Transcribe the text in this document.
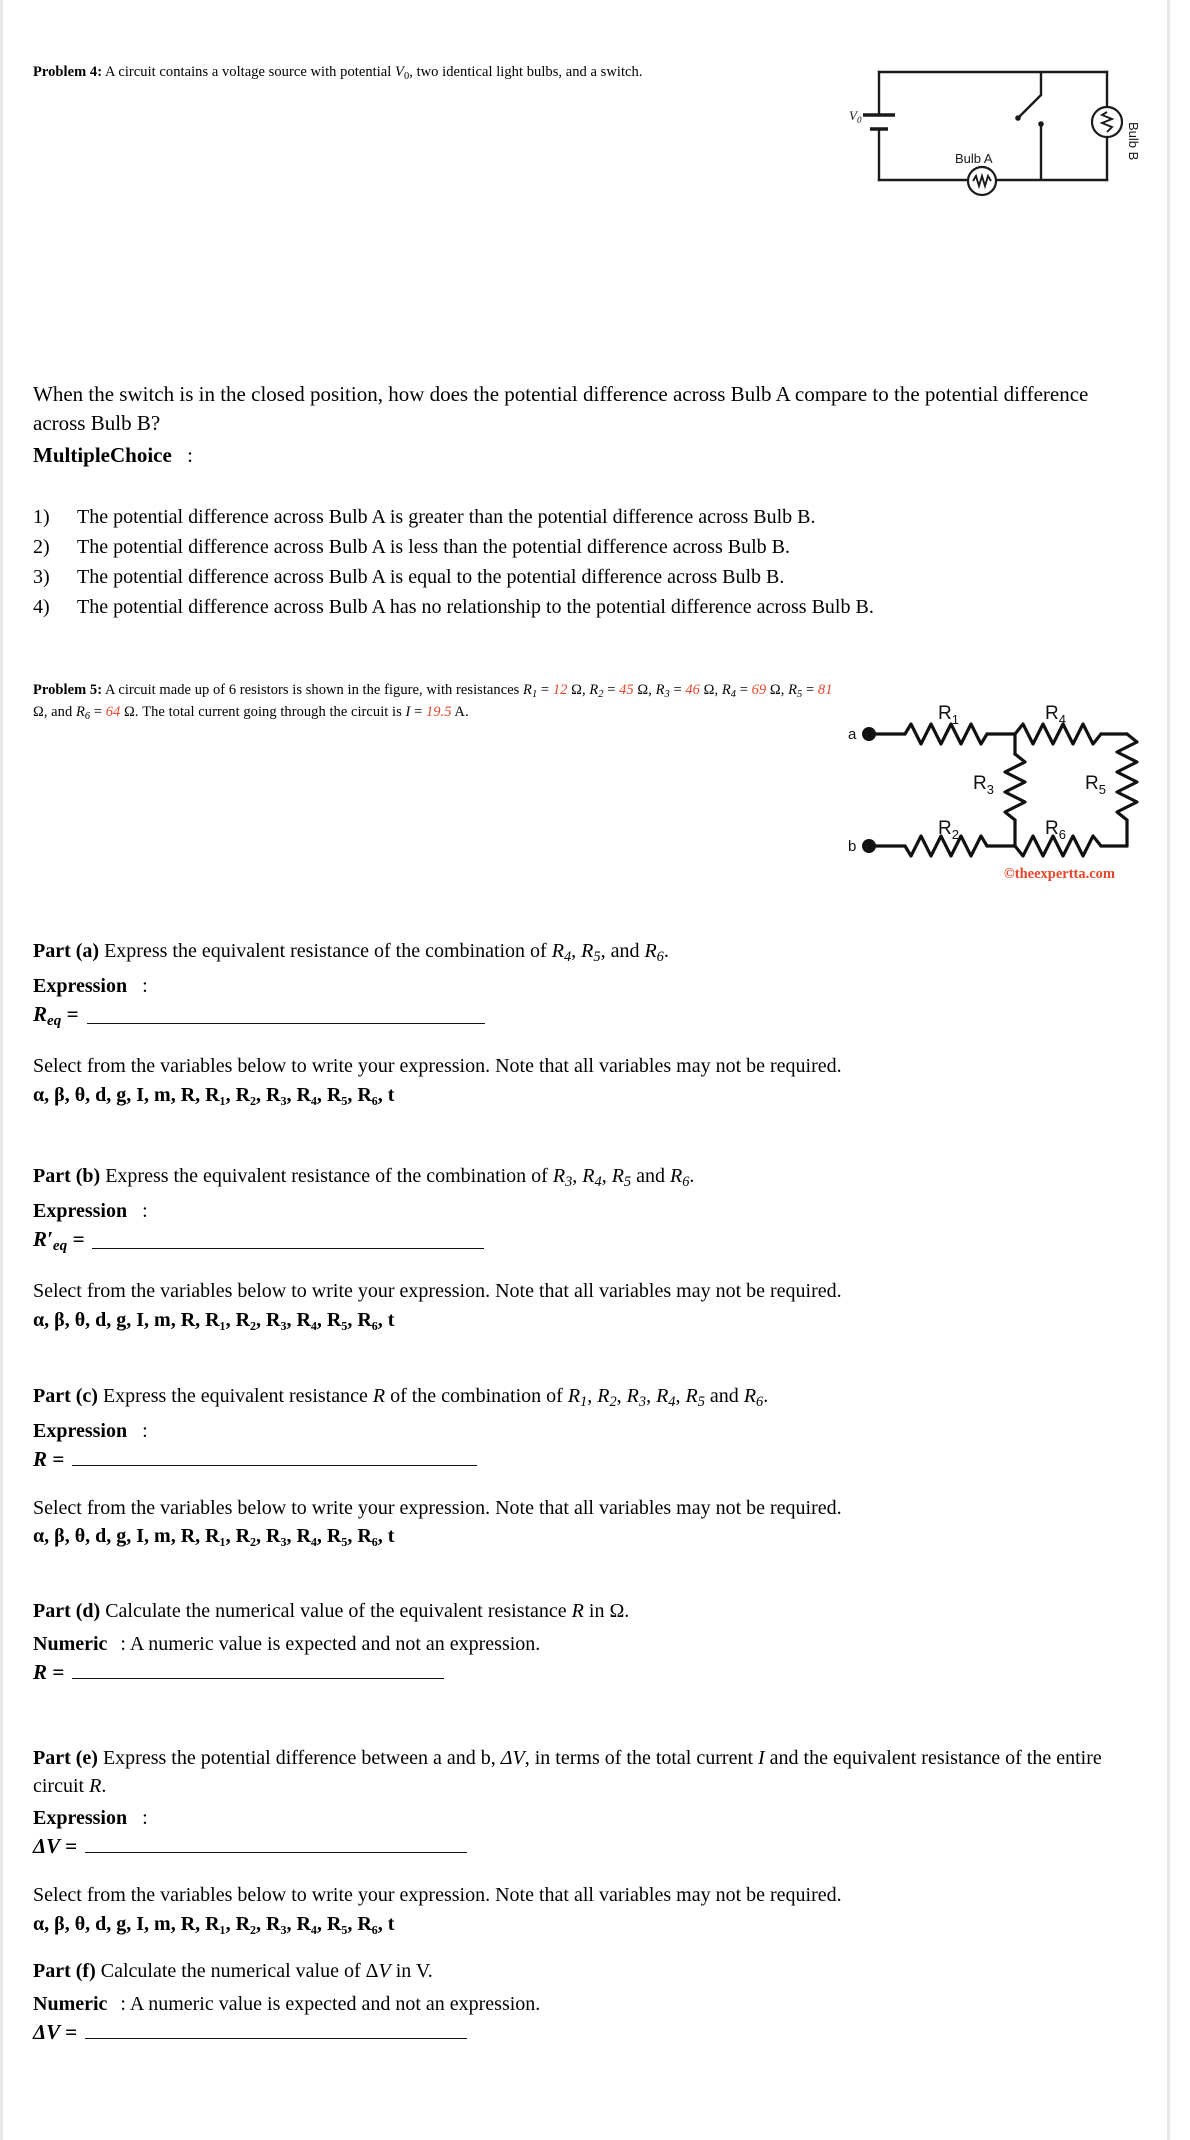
Problem 4: A circuit contains a voltage source with potential $V_0$, two identical light bulbs, and a switch.
$V_0$
Bulb A	Bulb B
When the switch is in the closed position, how does the potential difference across Bulb A compare to the potential difference across Bulb B?
MultipleChoice :
1)	The potential difference across Bulb A is greater than the potential difference across Bulb B.
2)	The potential difference across Bulb A is less than the potential difference across Bulb B.
3)	The potential difference across Bulb A is equal to the potential difference across Bulb B.
4)	The potential difference across Bulb A has no relationship to the potential difference across Bulb B.
Problem 5: A circuit made up of 6 resistors is shown in the figure, with resistances $R_1 = 12$ Ω, $R_2 = 45$ Ω, $R_3 = 46$ Ω, $R_4 = 69$ Ω, $R_5 = 81$ Ω, and $R_6 = 64$ Ω. The total current going through the circuit is I = 19.5 A.
a
b
$R_1$	$R_4$
$R_3$	$R_5$
$R_2$	$R_6$
©theexpertta.com
Part (a) Express the equivalent resistance of the combination of $R_4$, $R_5$, and $R_6$.
Expression :
$R_{eq}$ =
Select from the variables below to write your expression. Note that all variables may not be required.
α, β, θ, d, g, I, m, R, R₁, R₂, R₃, R₄, R₅, R₆, t
Part (b) Express the equivalent resistance of the combination of $R_3$, $R_4$, $R_5$ and $R_6$.
Expression :
$R'_{eq}$ =
Select from the variables below to write your expression. Note that all variables may not be required.
α, β, θ, d, g, I, m, R, R₁, R₂, R₃, R₄, R₅, R₆, t
Part (c) Express the equivalent resistance R of the combination of $R_1$, $R_2$, $R_3$, $R_4$, $R_5$ and $R_6$.
Expression :
R =
Select from the variables below to write your expression. Note that all variables may not be required.
α, β, θ, d, g, I, m, R, R₁, R₂, R₃, R₄, R₅, R₆, t
Part (d) Calculate the numerical value of the equivalent resistance R in Ω.
Numeric : A numeric value is expected and not an expression.
R =
Part (e) Express the potential difference between a and b, ΔV, in terms of the total current I and the equivalent resistance of the entire circuit R.
Expression :
ΔV =
Select from the variables below to write your expression. Note that all variables may not be required.
α, β, θ, d, g, I, m, R, R₁, R₂, R₃, R₄, R₅, R₆, t
Part (f) Calculate the numerical value of ΔV in V.
Numeric : A numeric value is expected and not an expression.
ΔV =
